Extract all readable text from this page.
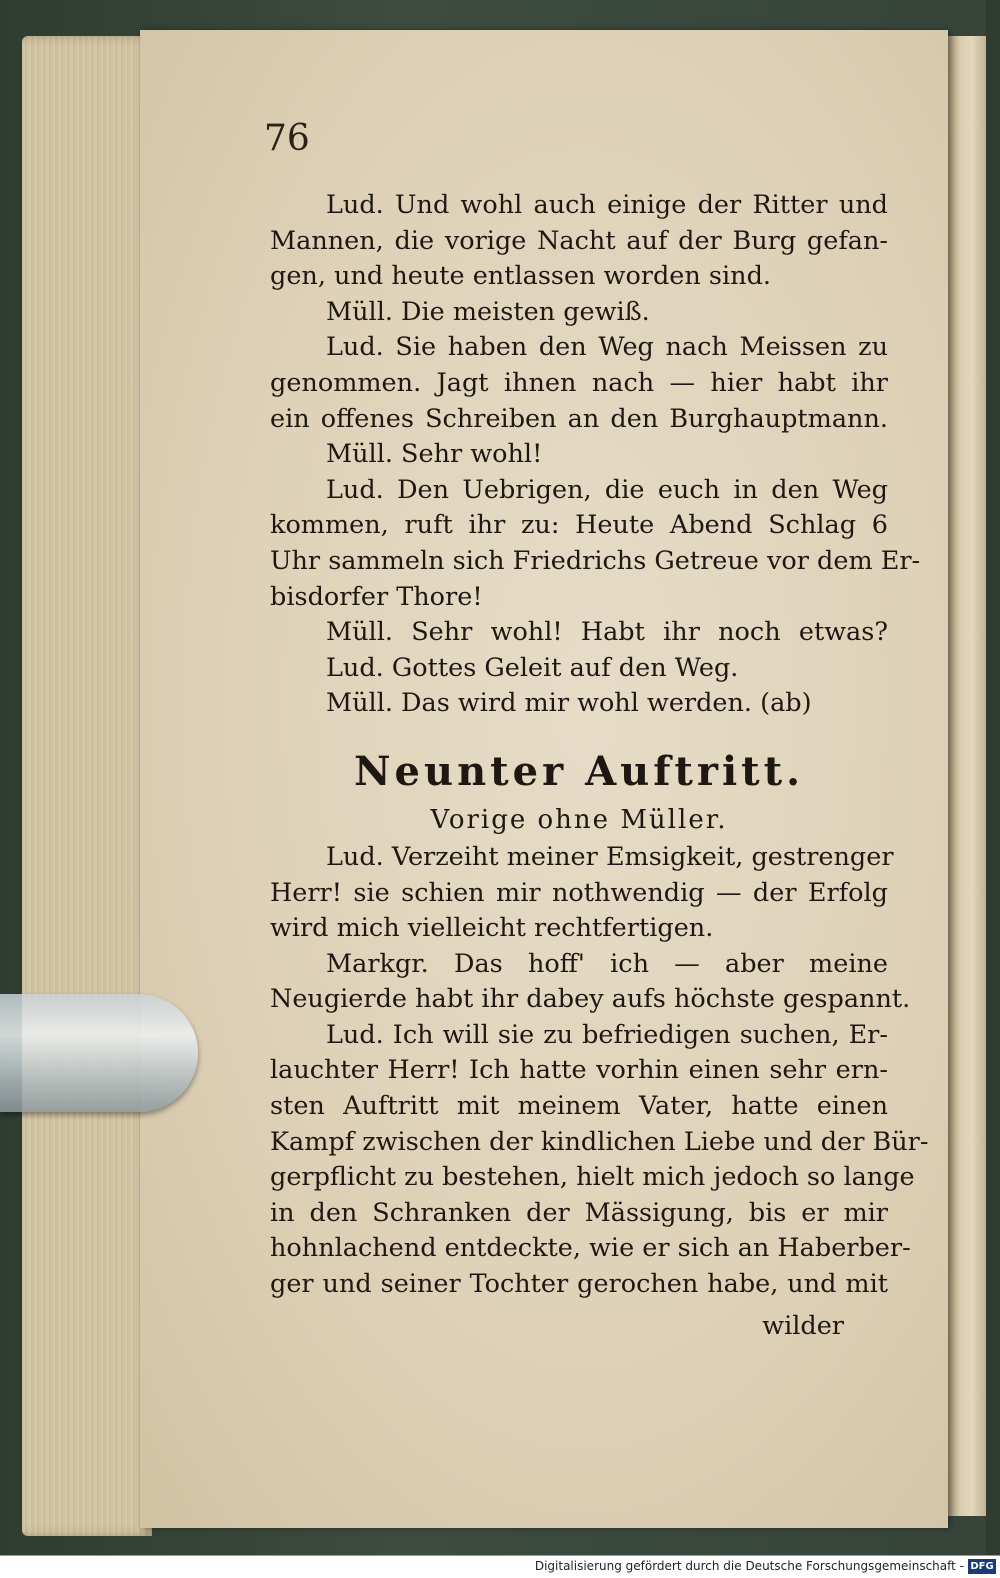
76
Lud. Und wohl auch einige der Ritter und
Mannen, die vorige Nacht auf der Burg gefan-
gen, und heute entlassen worden sind.
Müll. Die meisten gewiß.
Lud. Sie haben den Weg nach Meissen zu
genommen. Jagt ihnen nach — hier habt ihr
ein offenes Schreiben an den Burghauptmann.
Müll. Sehr wohl!
Lud. Den Uebrigen, die euch in den Weg
kommen, ruft ihr zu: Heute Abend Schlag 6
Uhr sammeln sich Friedrichs Getreue vor dem Er-
bisdorfer Thore!
Müll. Sehr wohl! Habt ihr noch etwas?
Lud. Gottes Geleit auf den Weg.
Müll. Das wird mir wohl werden. (ab)
Neunter Auftritt.
Vorige ohne Müller.
Lud. Verzeiht meiner Emsigkeit, gestrenger
Herr! sie schien mir nothwendig — der Erfolg
wird mich vielleicht rechtfertigen.
Markgr. Das hoff' ich — aber meine
Neugierde habt ihr dabey aufs höchste gespannt.
Lud. Ich will sie zu befriedigen suchen, Er-
lauchter Herr! Ich hatte vorhin einen sehr ern-
sten Auftritt mit meinem Vater, hatte einen
Kampf zwischen der kindlichen Liebe und der Bür-
gerpflicht zu bestehen, hielt mich jedoch so lange
in den Schranken der Mässigung, bis er mir
hohnlachend entdeckte, wie er sich an Haberber-
ger und seiner Tochter gerochen habe, und mit
wilder
Digitalisierung gefördert durch die Deutsche Forschungsgemeinschaft - DFG
